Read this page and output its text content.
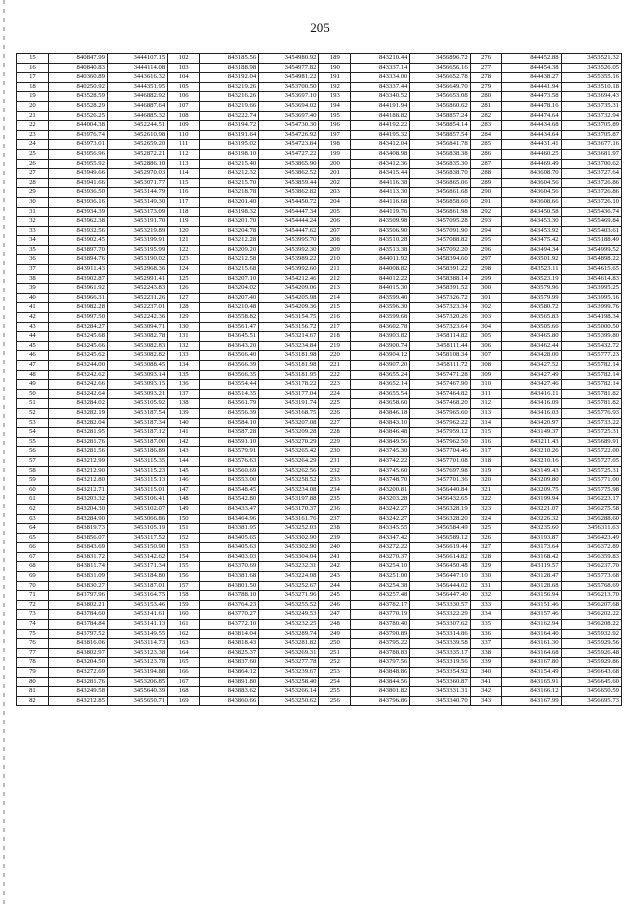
205
15	840847.99	3444107.15	102	843185.56	3454980.92	189	843210.44	3456896.72	276	844452.88	3453521.32
16	840840.83	3444114.08	103	843188.98	3454977.82	190	843337.14	3456656.16	277	844454.38	3453526.05
17	840360.89	3443616.32	104	843192.04	3454981.22	191	843334.00	3456652.78	278	844438.27	3455355.16
18	840250.92	3444351.95	105	843219.26	3453700.50	192	843337.44	3456649.70	279	844441.94	3453510.18
19	843528.59	3446882.92	106	843216.26	3453697.10	193	843340.52	3456653.08	280	844473.58	3453694.43
20	843528.29	3446887.64	107	843219.66	3453694.02	194	844191.94	3456860.62	281	844478.16	3453735.31
21	843526.25	3446885.32	108	843222.74	3453697.40	195	844188.82	3458857.24	282	844474.64	3453732.94
22	844004.38	3452244.51	109	843194.72	3454730.30	196	844192.22	3458854.14	283	844434.68	3453705.89
23	843976.74	3452610.98	110	843191.64	3454726.92	197	844195.32	3458857.54	284	844434.64	3453705.87
24	843973.01	3452659.20	111	843195.02	3454723.84	198	843412.04	3456841.78	285	844431.41	3453677.16
25	843956.96	3452872.21	112	843198.10	3454727.22	199	843408.98	3456838.38	286	844460.25	3453681.97
26	843955.92	3452886.10	113	843215.40	3453865.90	200	843412.36	3456835.30	287	844469.49	3453700.62
27	843949.66	3452970.03	114	843212.32	3453862.52	201	843415.44	3456838.70	288	843608.70	3453727.64
28	843941.66	3453071.77	115	843215.70	3453859.44	202	844116.38	3456865.06	289	843604.56	3453726.86
29	843936.50	3453144.79	116	843218.78	3453862.82	203	844113.30	3456861.68	290	843604.56	3453726.86
30	843936.16	3453149.30	117	843201.40	3454450.72	204	844116.68	3456858.60	291	843608.66	3453726.10
31	843934.39	3453173.09	118	843198.32	3454447.34	205	844119.76	3456861.98	292	843450.58	3455436.74
32	843962.38	3453191.70	119	843201.70	3454444.24	206	843509.98	3457095.28	293	843453.30	3455469.84
33	843932.56	3453219.89	120	843204.78	3454447.62	207	843506.90	3457091.90	294	843453.92	3455403.61
34	843902.45	3453199.91	121	843212.28	3453995.70	208	843510.28	3457088.82	295	843475.42	3455188.49
35	843897.70	3453195.99	122	843209.20	3453992.30	209	843513.38	3457092.20	296	843494.34	3454999.52
36	843894.76	3453190.02	123	843212.58	3453989.22	210	844011.92	3458394.60	297	843501.92	3454898.22
37	843911.43	3452968.36	124	843215.68	3453992.60	211	844008.82	3458391.22	298	843523.11	3454615.65
38	843902.87	3452991.41	125	843207.10	3454212.46	212	844012.22	3458388.14	299	843523.19	3454614.83
39	843961.92	3452243.83	126	843204.02	3454209.06	213	844015.30	3458391.52	300	843579.96	3453995.25
40	843966.31	3452231.26	127	843207.40	3454205.98	214	843599.40	3457326.72	301	843579.99	3453995.16
41	843982.28	3452237.01	128	843210.48	3454209.36	215	843596.30	3457323.34	302	843580.72	3453999.76
42	843997.50	3452242.36	129	843558.82	3453154.75	216	843599.68	3457320.26	303	843565.83	3454198.34
43	843284.27	3453094.71	130	843561.47	3453156.72	217	843602.78	3457323.64	304	843505.66	3455000.50
44	843245.68	3453082.78	131	843645.51	3453214.67	218	843903.82	3458114.82	305	843465.80	3455399.80
45	843245.66	3453082.83	132	843643.20	3453234.84	219	843900.74	3458111.44	306	843462.44	3455432.72
46	843245.62	3453082.82	133	843566.40	3453181.98	220	843904.12	3458108.34	307	843428.00	3455777.23
47	843244.00	3453088.45	134	843566.39	3453181.98	221	843907.20	3458111.72	308	843427.52	3455782.14
48	843242.62	3453093.14	135	843566.35	3453181.95	222	843655.24	3457471.28	309	843427.49	3455782.14
49	843242.66	3453093.15	136	843554.44	3453178.22	223	843652.14	3457467.90	310	843427.46	3455782.14
50	843242.64	3453093.21	137	843514.35	3453177.04	224	843655.54	3457464.82	311	843416.11	3455781.82
51	843284.02	3453105.92	138	843561.79	3453191.74	225	843658.60	3457468.20	312	843416.09	3455781.82
52	843282.19	3453187.54	139	843556.39	3453168.75	226	843846.18	3457965.60	313	843416.03	3455776.93
53	843282.04	3453187.34	140	843584.10	3453207.08	227	843843.10	3457962.22	314	843420.97	3455733.22
54	843281.95	3453187.12	141	843587.28	3453209.28	228	843846.48	3457959.12	315	843149.37	3455725.31
55	843281.76	3453187.00	142	843591.10	3453270.29	229	843849.56	3457962.50	316	843211.43	3455689.91
56	843281.56	3453186.89	143	843579.91	3453265.42	230	843745.30	3457704.46	317	843210.26	3455722.00
57	843212.99	3453115.35	144	843576.63	3453264.29	231	843742.22	3457701.08	318	843210.16	3455727.05
58	843212.90	3453115.23	145	843560.69	3453262.56	232	843745.60	3457697.98	319	843149.43	3455725.31
59	843212.80	3453115.13	146	843553.00	3453258.52	233	843748.70	3457701.36	320	843209.80	3455771.00
60	843212.71	3453115.01	147	843548.45	3453234.08	234	843200.81	3456440.84	321	843209.75	3455775.98
61	843203.32	3453106.41	148	843542.80	3453197.88	235	843203.28	3456432.65	322	843199.94	3456223.17
62	843204.30	3453102.07	149	843433.47	3453170.37	236	843242.27	3456328.19	323	843221.07	3456275.58
63	843284.90	3453066.86	150	843464.96	3453161.76	237	843242.27	3456328.20	324	843226.32	3456288.60
64	843819.73	3453105.19	151	843381.95	3453252.03	238	843345.55	3456584.49	325	843235.60	3456311.63
65	843856.07	3453117.52	152	843405.65	3453302.90	239	843347.42	3456589.12	326	843193.87	3456423.49
66	843843.69	3453150.90	153	843405.63	3453302.90	240	843272.22	3456619.44	327	843173.64	3456372.89
67	843831.72	3453142.62	154	843403.03	3453304.04	241	843270.37	3456614.82	328	843168.42	3456359.83
68	843811.74	3453171.34	155	843370.69	3453232.31	242	843254.10	3456450.48	329	843119.57	3456237.70
69	843831.09	3453184.80	156	843381.68	3453224.08	243	843251.00	3456447.10	330	843128.47	3455773.68
70	843830.27	3453187.01	157	843801.50	3453252.67	244	843254.38	3456444.02	331	843128.68	3455768.69
71	843797.96	3453164.75	158	843788.10	3453271.96	245	843257.48	3456447.40	332	843156.94	3456213.70
72	843802.21	3453153.46	159	843764.23	3453255.52	246	843782.17	3453330.57	333	843151.46	3456207.68
73	843784.60	3453141.61	160	843770.27	3453249.53	247	843770.19	3453322.29	334	843157.46	3456202.22
74	843784.84	3453141.13	161	843772.10	3453232.25	248	843780.40	3453307.62	335	843162.94	3456208.22
75	843797.52	3453149.55	162	843814.04	3453289.74	249	843790.89	3453314.86	336	843164.40	3455932.92
76	843816.06	3453114.73	163	843818.43	3453281.82	250	843795.22	3453339.58	337	843161.30	3455929.56
77	843802.97	3453123.38	164	843825.37	3453269.31	251	843788.83	3453335.17	338	843164.68	3455926.48
78	843204.50	3453123.78	165	843837.60	3453277.78	252	843797.56	3453319.56	339	843167.80	3455929.86
79	843272.69	3453194.88	166	843864.12	3453239.67	253	843848.86	3453354.92	340	843154.49	3456643.68
80	843281.76	3453206.85	167	843891.80	3453258.40	254	843844.56	3453360.87	341	843165.91	3456645.60
81	843249.58	3455640.39	168	843883.62	3453266.14	255	843801.82	3453331.31	342	843166.12	3456650.59
82	843212.85	3455650.71	169	843860.66	3453250.62	256	843796.86	3453340.70	343	843167.99	3456695.73
